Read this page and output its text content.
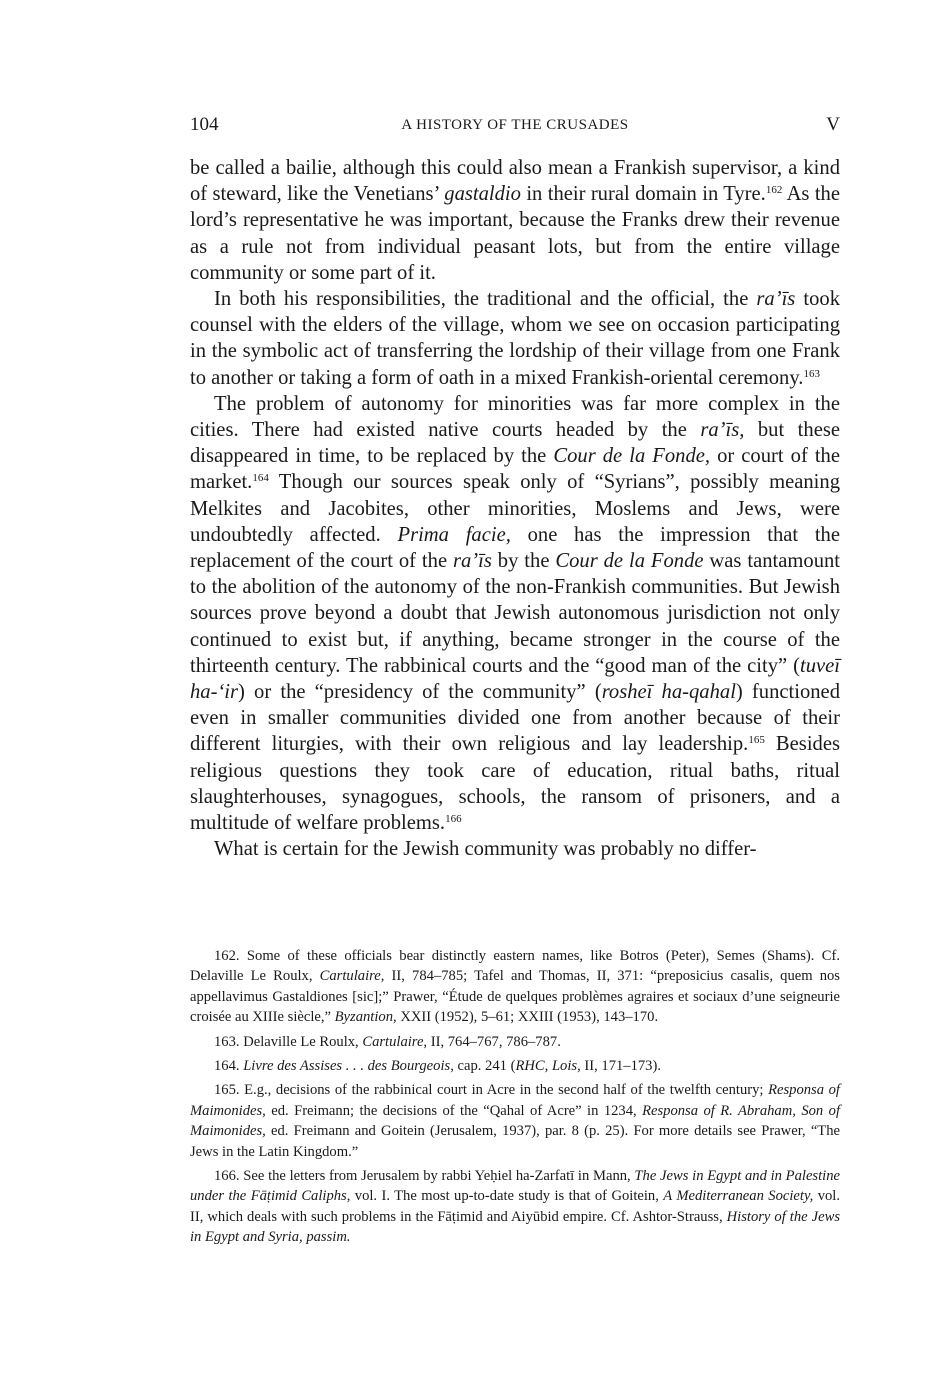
104	A HISTORY OF THE CRUSADES	V

be called a bailie, although this could also mean a Frankish supervisor, a kind of steward, like the Venetians’ gastaldio in their rural domain in Tyre.$^{162}$ As the lord’s representative he was important, because the Franks drew their revenue as a rule not from individual peasant lots, but from the entire village community or some part of it.

In both his responsibilities, the traditional and the official, the ra’īs took counsel with the elders of the village, whom we see on occasion participating in the symbolic act of transferring the lordship of their village from one Frank to another or taking a form of oath in a mixed Frankish-oriental ceremony.$^{163}$

The problem of autonomy for minorities was far more complex in the cities. There had existed native courts headed by the ra’īs, but these disappeared in time, to be replaced by the Cour de la Fonde, or court of the market.$^{164}$ Though our sources speak only of “Syrians”, possibly meaning Melkites and Jacobites, other minorities, Moslems and Jews, were undoubtedly affected. Prima facie, one has the impression that the replacement of the court of the ra’īs by the Cour de la Fonde was tantamount to the abolition of the autonomy of the non-Frankish communities. But Jewish sources prove beyond a doubt that Jewish autonomous jurisdiction not only continued to exist but, if anything, became stronger in the course of the thirteenth century. The rabbinical courts and the “good man of the city” (tuveī ha-‘ir) or the “presidency of the community” (rosheī ha-qahal) functioned even in smaller communities divided one from another because of their different liturgies, with their own religious and lay leadership.$^{165}$ Besides religious questions they took care of education, ritual baths, ritual slaughterhouses, synagogues, schools, the ransom of prisoners, and a multitude of welfare problems.$^{166}$

What is certain for the Jewish community was probably no differ-

162. Some of these officials bear distinctly eastern names, like Botros (Peter), Semes (Shams). Cf. Delaville Le Roulx, Cartulaire, II, 784–785; Tafel and Thomas, II, 371: “preposicius casalis, quem nos appellavimus Gastaldiones [sic];” Prawer, “Étude de quelques problèmes agraires et sociaux d’une seigneurie croisée au XIIIe siècle,” Byzantion, XXII (1952), 5–61; XXIII (1953), 143–170.

163. Delaville Le Roulx, Cartulaire, II, 764–767, 786–787.

164. Livre des Assises . . . des Bourgeois, cap. 241 (RHC, Lois, II, 171–173).

165. E.g., decisions of the rabbinical court in Acre in the second half of the twelfth century; Responsa of Maimonides, ed. Freimann; the decisions of the “Qahal of Acre” in 1234, Responsa of R. Abraham, Son of Maimonides, ed. Freimann and Goitein (Jerusalem, 1937), par. 8 (p. 25). For more details see Prawer, “The Jews in the Latin Kingdom.”

166. See the letters from Jerusalem by rabbi Yeḥiel ha-Zarfatī in Mann, The Jews in Egypt and in Palestine under the Fāṭimid Caliphs, vol. I. The most up-to-date study is that of Goitein, A Mediterranean Society, vol. II, which deals with such problems in the Fāṭimid and Aiyūbid empire. Cf. Ashtor-Strauss, History of the Jews in Egypt and Syria, passim.
